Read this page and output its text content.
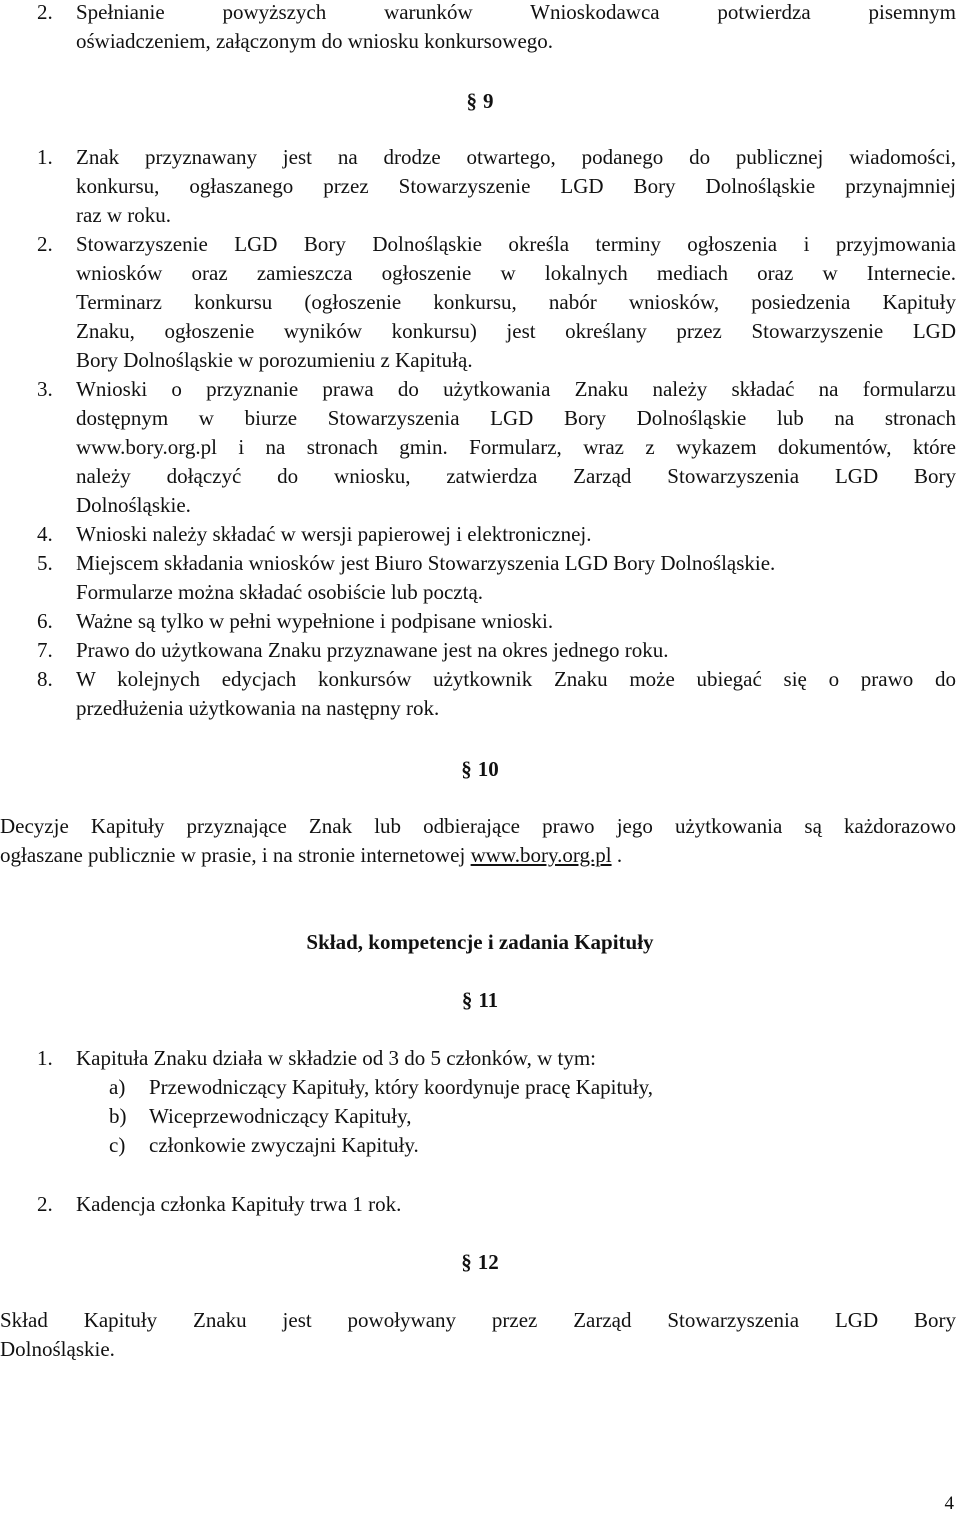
2.	Spełnianie powyższych warunków Wnioskodawca potwierdza pisemnym
oświadczeniem, załączonym do wniosku konkursowego.
§ 9
1.	Znak przyznawany jest na drodze otwartego, podanego do publicznej wiadomości,
konkursu, ogłaszanego przez Stowarzyszenie LGD Bory Dolnośląskie przynajmniej
raz w roku.
2.	Stowarzyszenie LGD Bory Dolnośląskie określa terminy ogłoszenia i przyjmowania
wniosków oraz zamieszcza ogłoszenie w lokalnych mediach oraz w Internecie.
Terminarz konkursu (ogłoszenie konkursu, nabór wniosków, posiedzenia Kapituły
Znaku, ogłoszenie wyników konkursu) jest określany przez Stowarzyszenie LGD
Bory Dolnośląskie w porozumieniu z Kapitułą.
3.	Wnioski o przyznanie prawa do użytkowania Znaku należy składać na formularzu
dostępnym w biurze Stowarzyszenia LGD Bory Dolnośląskie lub na stronach
www.bory.org.pl i na stronach gmin. Formularz, wraz z wykazem dokumentów, które
należy dołączyć do wniosku, zatwierdza Zarząd Stowarzyszenia LGD Bory
Dolnośląskie.
4.	Wnioski należy składać w wersji papierowej i elektronicznej.
5.	Miejscem składania wniosków jest Biuro Stowarzyszenia LGD Bory Dolnośląskie.
Formularze można składać osobiście lub pocztą.
6.	Ważne są tylko w pełni wypełnione i podpisane wnioski.
7.	Prawo do użytkowana Znaku przyznawane jest na okres jednego roku.
8.	W kolejnych edycjach konkursów użytkownik Znaku może ubiegać się o prawo do
przedłużenia użytkowania na następny rok.
§ 10
Decyzje Kapituły przyznające Znak lub odbierające prawo jego użytkowania są każdorazowo
ogłaszane publicznie w prasie, i na stronie internetowej www.bory.org.pl .
Skład, kompetencje i zadania Kapituły
§ 11
1.	Kapituła Znaku działa w składzie od 3 do 5 członków, w tym:
a)	Przewodniczący Kapituły, który koordynuje pracę Kapituły,
b)	Wiceprzewodniczący Kapituły,
c)	członkowie zwyczajni Kapituły.
2.	Kadencja członka Kapituły trwa 1 rok.
§ 12
Skład Kapituły Znaku jest powoływany przez Zarząd Stowarzyszenia LGD Bory
Dolnośląskie.
4
